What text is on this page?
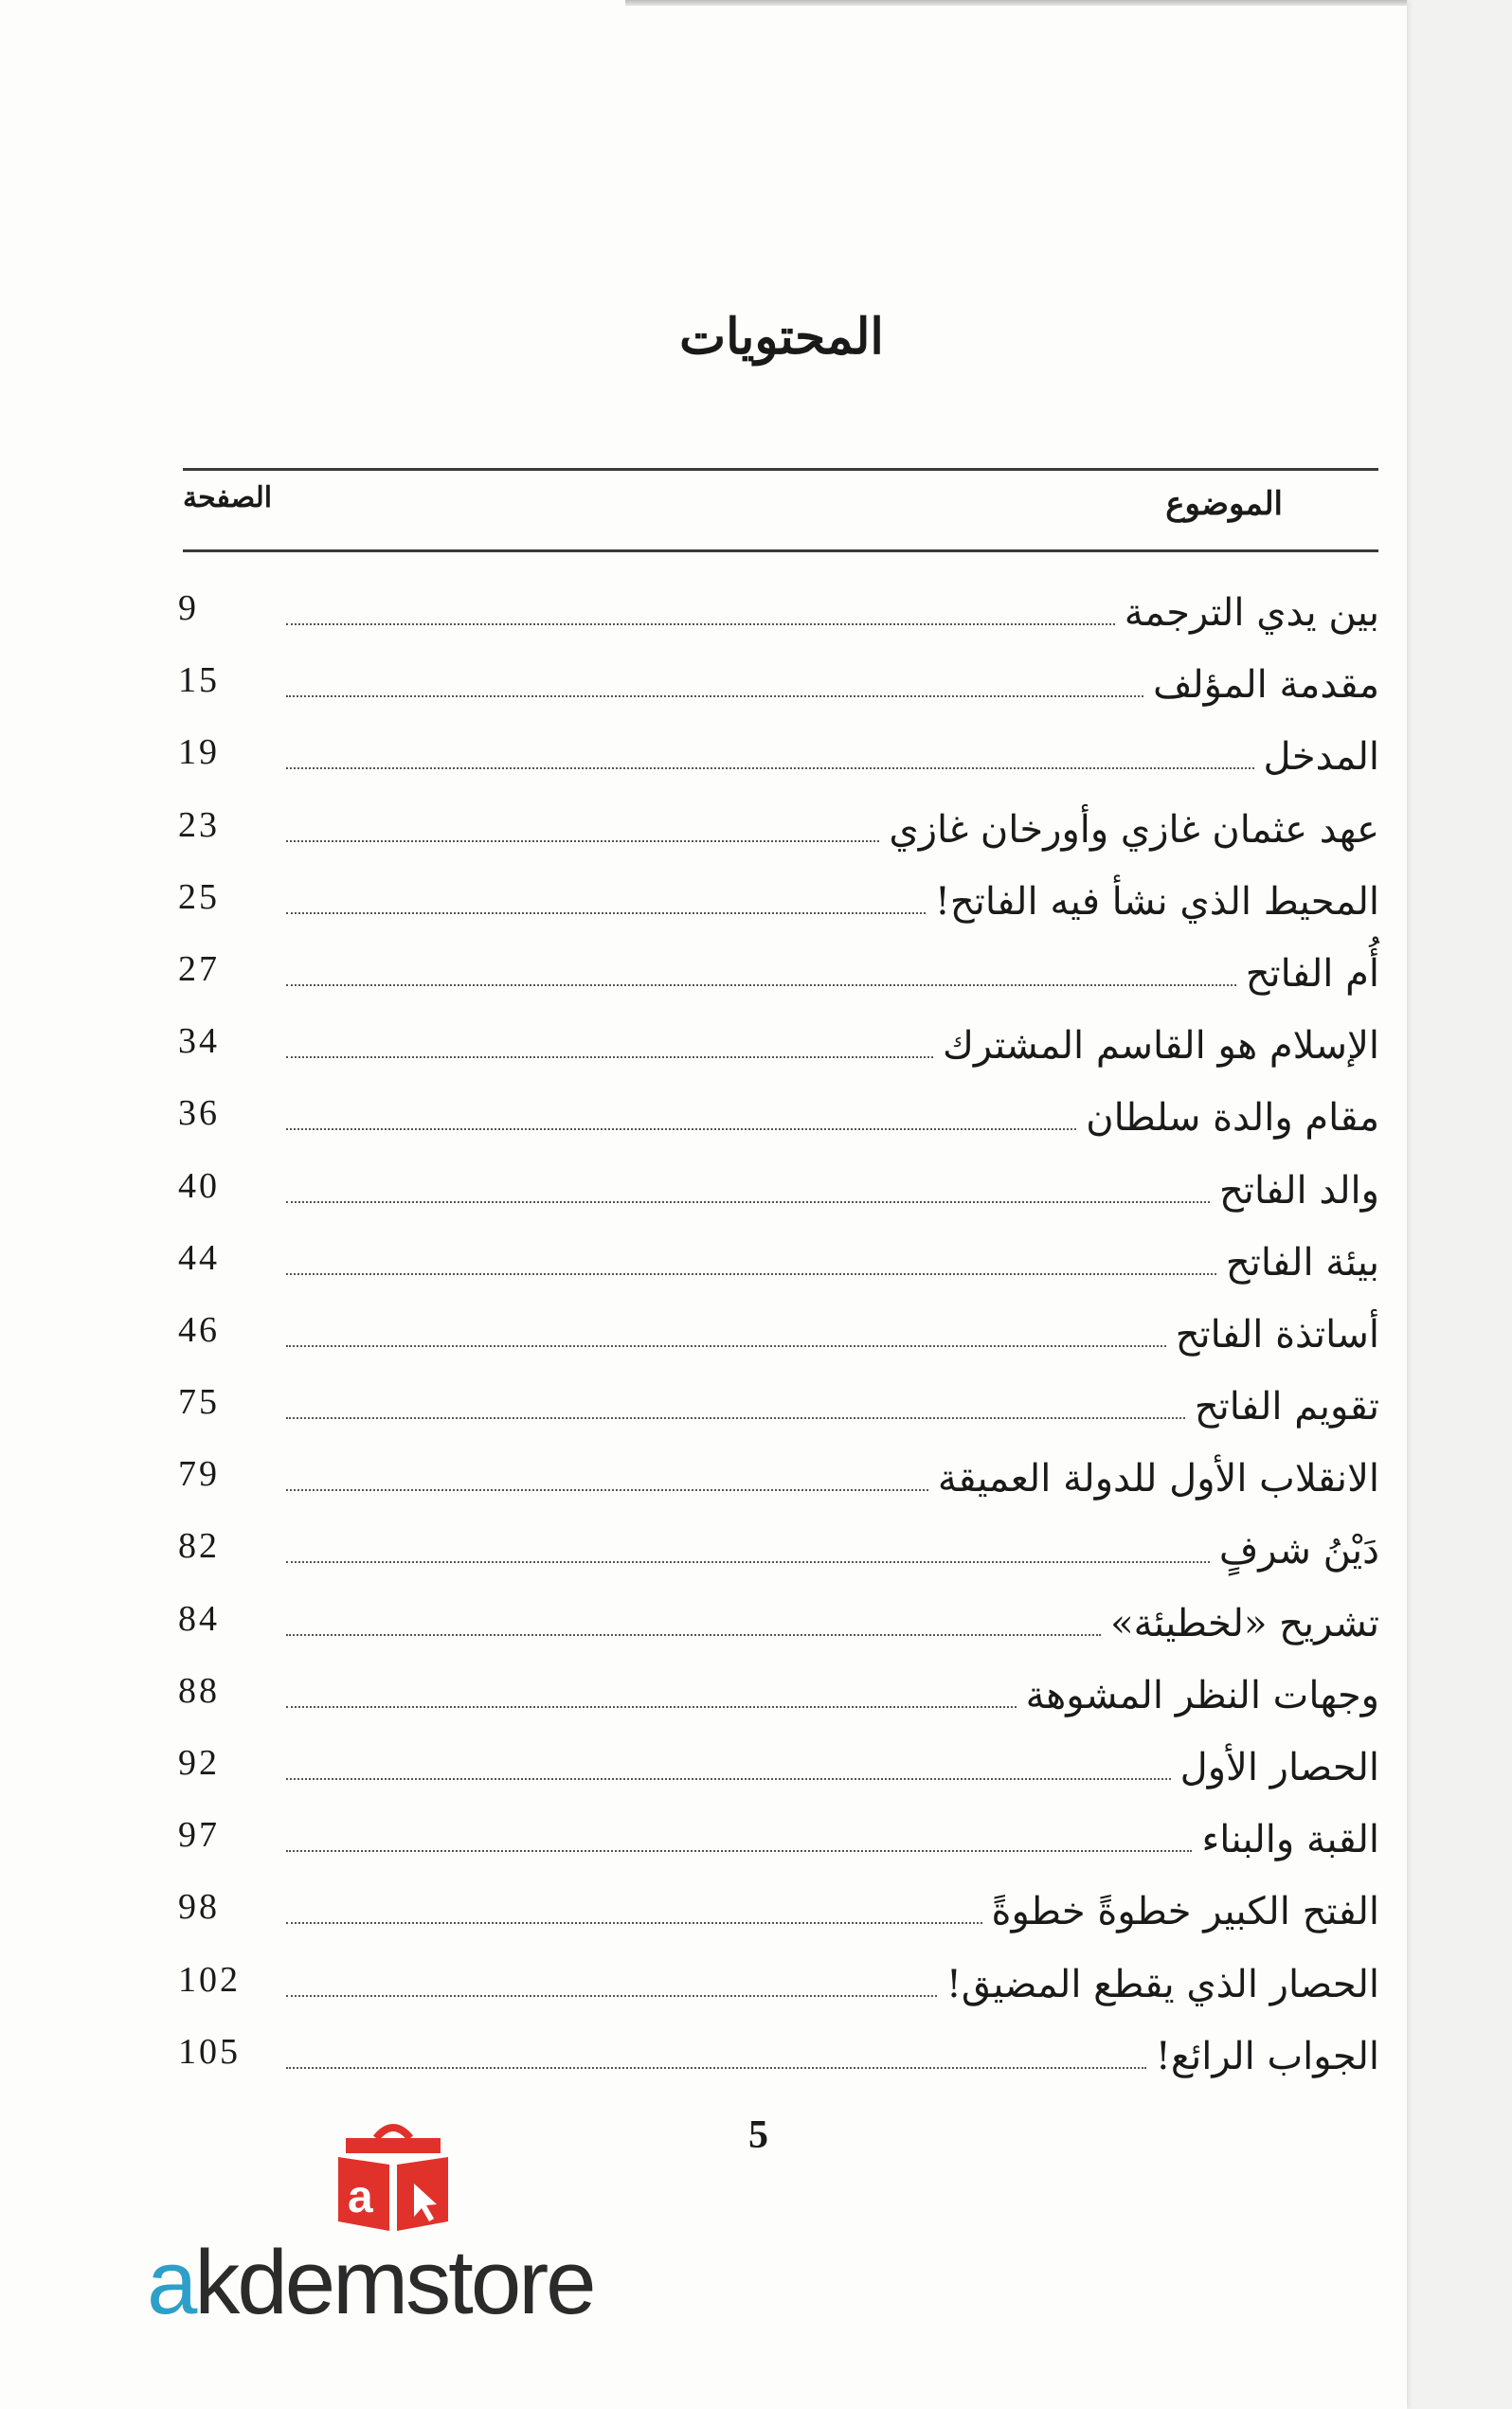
المحتويات
الموضوع
الصفحة
9	بين يدي الترجمة
15	مقدمة المؤلف
19	المدخل
23	عهد عثمان غازي وأورخان غازي
25	المحيط الذي نشأ فيه الفاتح!
27	أُم الفاتح
34	الإسلام هو القاسم المشترك
36	مقام والدة سلطان
40	والد الفاتح
44	بيئة الفاتح
46	أساتذة الفاتح
75	تقويم الفاتح
79	الانقلاب الأول للدولة العميقة
82	دَيْنُ شرفٍ
84	تشريح «لخطيئة»
88	وجهات النظر المشوهة
92	الحصار الأول
97	القبة والبناء
98	الفتح الكبير خطوةً خطوةً
102	الحصار الذي يقطع المضيق!
105	الجواب الرائع!
5
a
akdemstore
